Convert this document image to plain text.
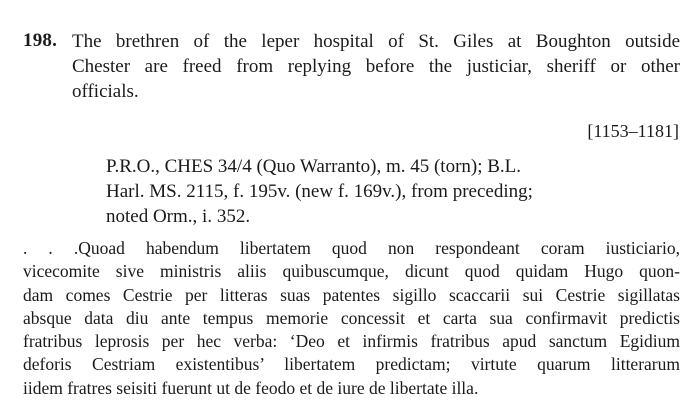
198. The brethren of the leper hospital of St. Giles at Boughton outside
Chester are freed from replying before the justiciar, sheriff or other
officials.
[1153–1181]
P.R.O., CHES 34/4 (Quo Warranto), m. 45 (torn); B.L.
Harl. MS. 2115, f. 195v. (new f. 169v.), from preceding;
noted Orm., i. 352.
. . .Quoad habendum libertatem quod non respondeant coram iusticiario,
vicecomite sive ministris aliis quibuscumque, dicunt quod quidam Hugo quon-
dam comes Cestrie per litteras suas patentes sigillo scaccarii sui Cestrie sigillatas
absque data diu ante tempus memorie concessit et carta sua confirmavit predictis
fratribus leprosis per hec verba: ‘Deo et infirmis fratribus apud sanctum Egidium
deforis Cestriam existentibus’ libertatem predictam; virtute quarum litterarum
iidem fratres seisiti fuerunt ut de feodo et de iure de libertate illa.
